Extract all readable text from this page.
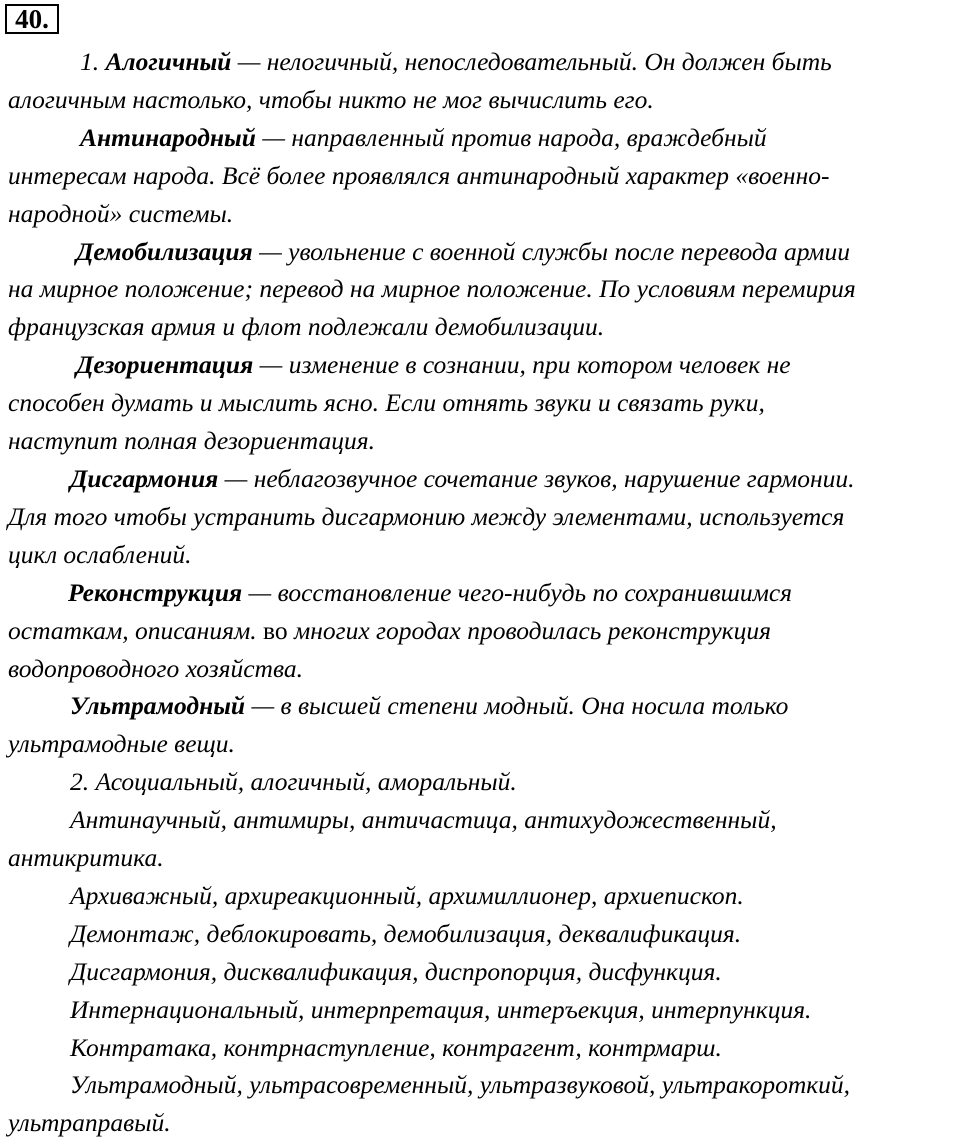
40.
1. Алогичный — нелогичный, непоследовательный. Он должен быть
алогичным настолько, чтобы никто не мог вычислить его.
Антинародный — направленный против народа, враждебный
интересам народа. Всё более проявлялся антинародный характер «военно-
народной» системы.
Демобилизация — увольнение с военной службы после перевода армии
на мирное положение; перевод на мирное положение. По условиям перемирия
французская армия и флот подлежали демобилизации.
Дезориентация — изменение в сознании, при котором человек не
способен думать и мыслить ясно. Если отнять звуки и связать руки,
наступит полная дезориентация.
Дисгармония — неблагозвучное сочетание звуков, нарушение гармонии.
Для того чтобы устранить дисгармонию между элементами, используется
цикл ослаблений.
Реконструкция — восстановление чего-нибудь по сохранившимся
остаткам, описаниям. во многих городах проводилась реконструкция
водопроводного хозяйства.
Ультрамодный — в высшей степени модный. Она носила только
ультрамодные вещи.
2. Асоциальный, алогичный, аморальный.
Антинаучный, антимиры, античастица, антихудожественный,
антикритика.
Архиважный, архиреакционный, архимиллионер, архиепископ.
Демонтаж, деблокировать, демобилизация, деквалификация.
Дисгармония, дисквалификация, диспропорция, дисфункция.
Интернациональный, интерпретация, интеръекция, интерпункция.
Контратака, контрнаступление, контрагент, контрмарш.
Ультрамодный, ультрасовременный, ультразвуковой, ультракороткий,
ультраправый.
